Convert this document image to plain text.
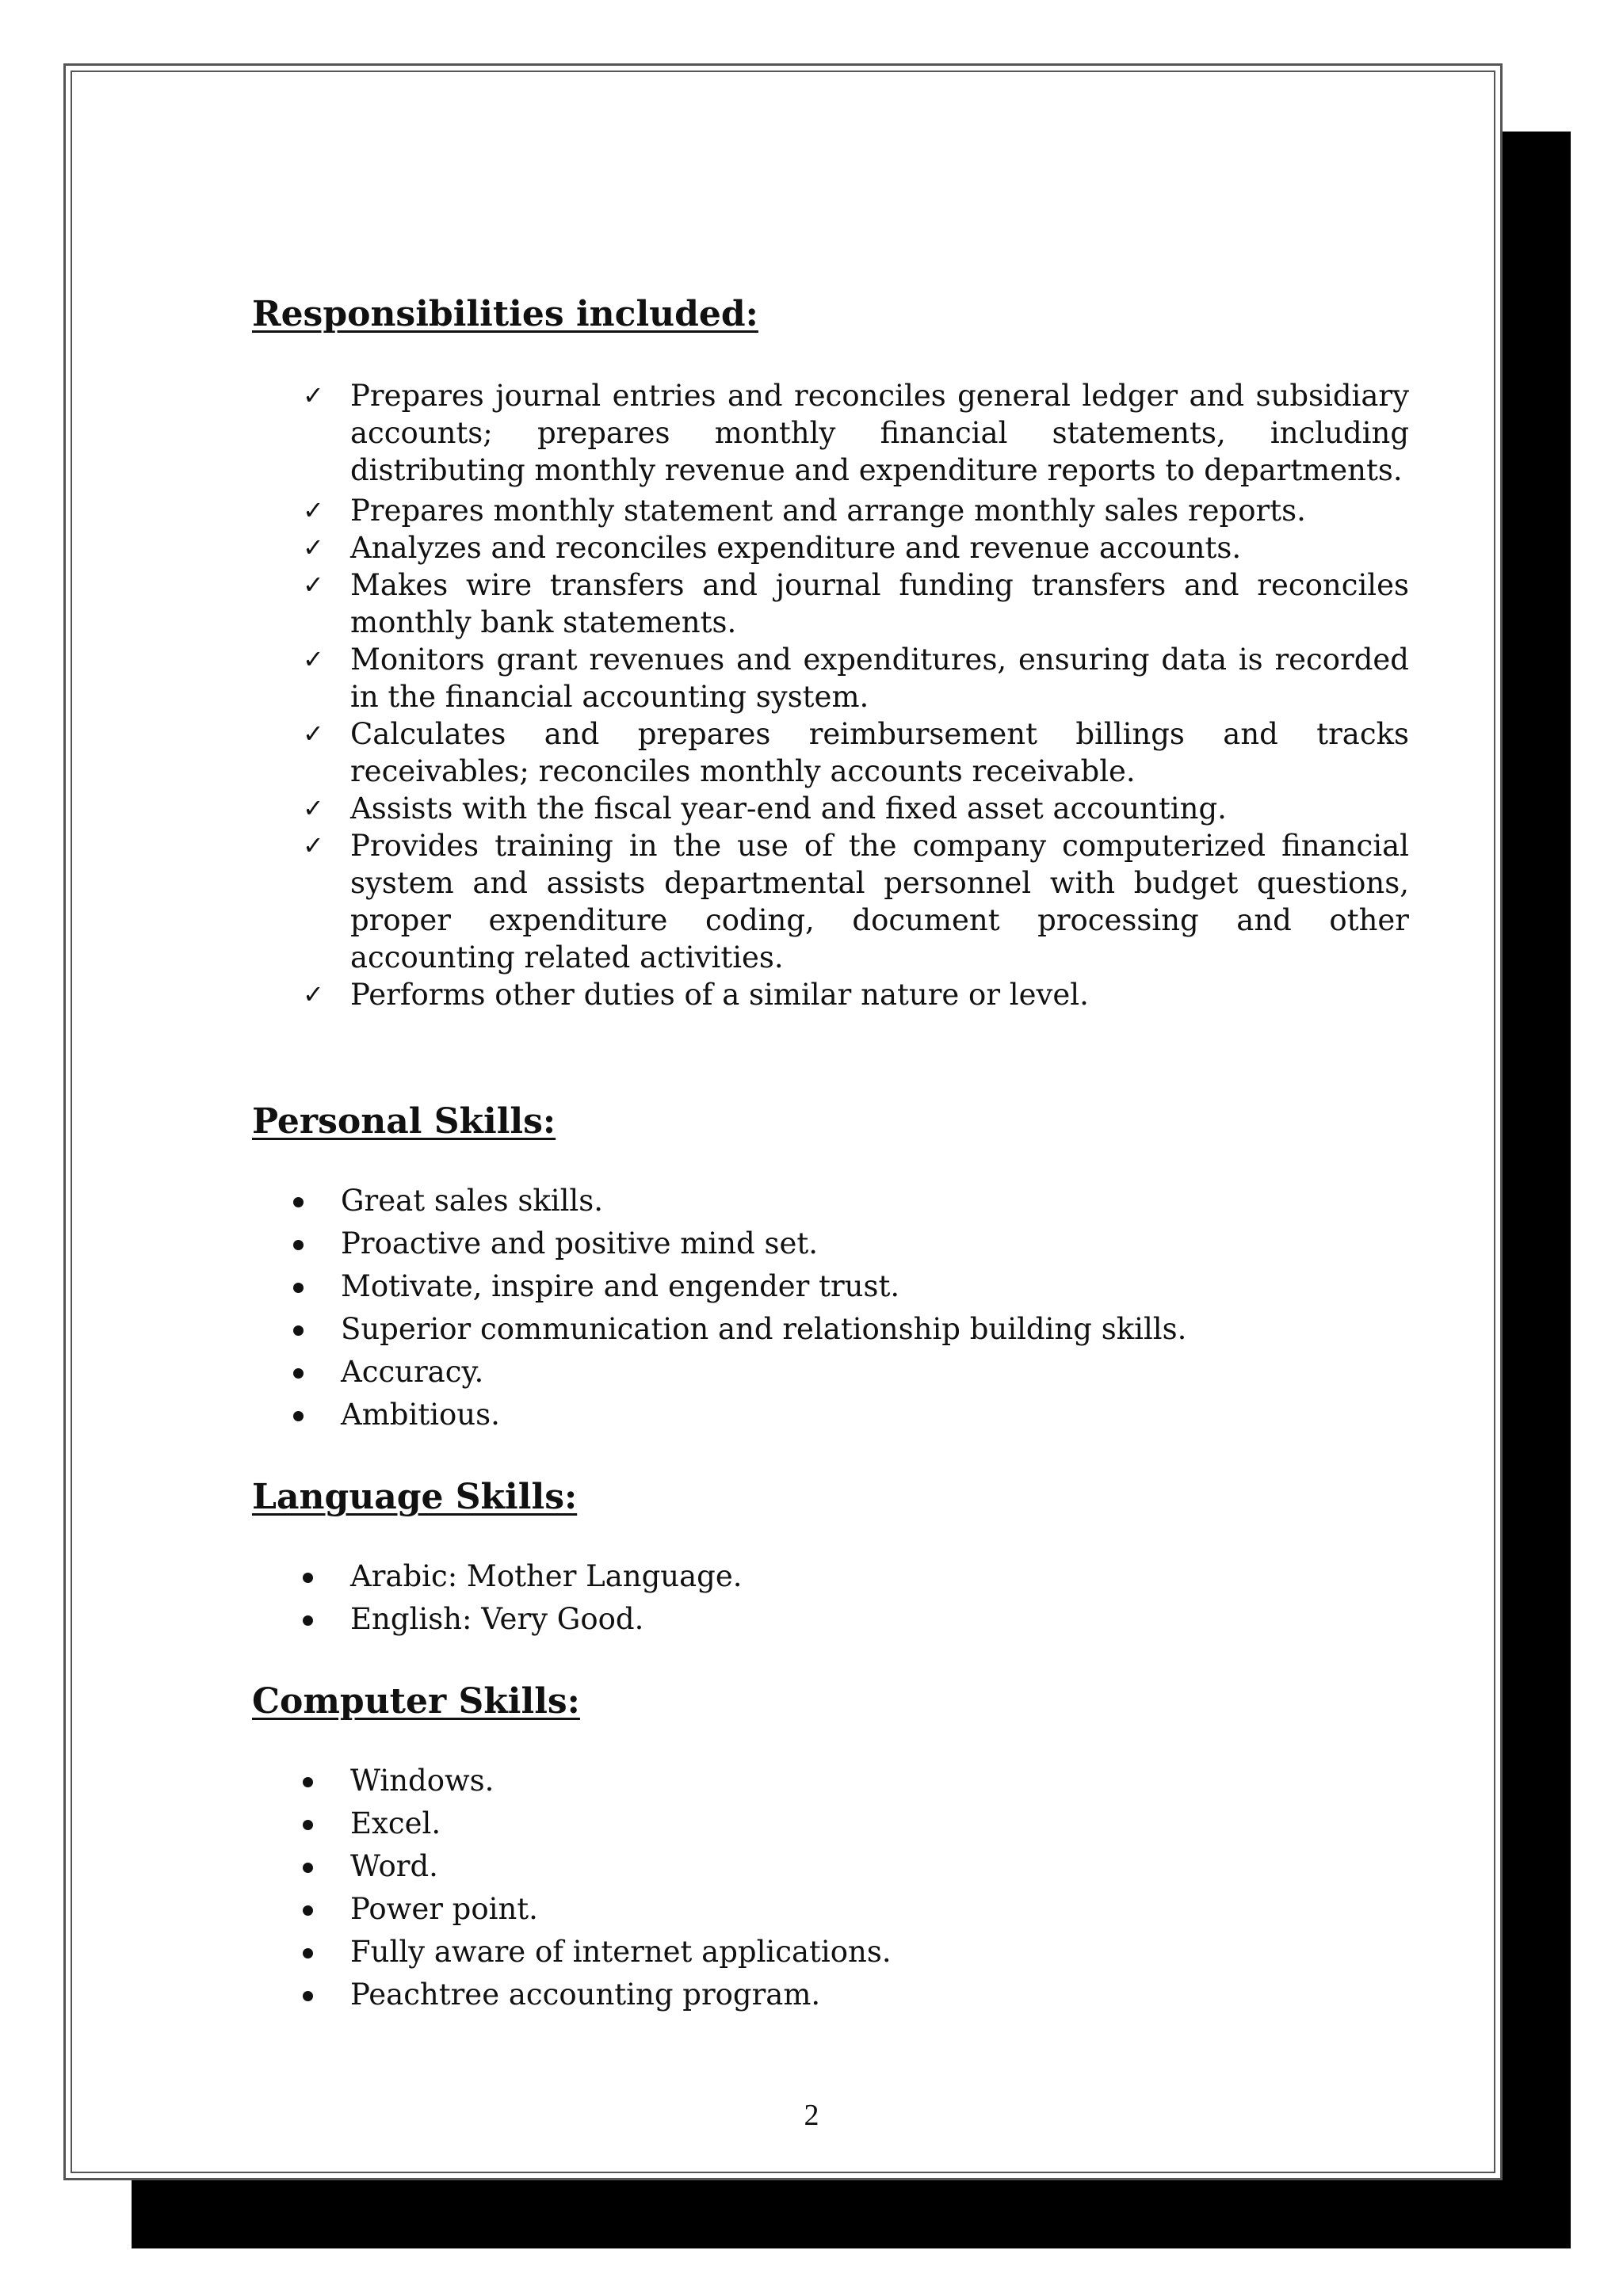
Responsibilities included:
✓ Prepares journal entries and reconciles general ledger and subsidiary accounts; prepares monthly financial statements, including distributing monthly revenue and expenditure reports to departments.
✓ Prepares monthly statement and arrange monthly sales reports.
✓ Analyzes and reconciles expenditure and revenue accounts.
✓ Makes wire transfers and journal funding transfers and reconciles monthly bank statements.
✓ Monitors grant revenues and expenditures, ensuring data is recorded in the financial accounting system.
✓ Calculates and prepares reimbursement billings and tracks receivables; reconciles monthly accounts receivable.
✓ Assists with the fiscal year-end and fixed asset accounting.
✓ Provides training in the use of the company computerized financial system and assists departmental personnel with budget questions, proper expenditure coding, document processing and other accounting related activities.
✓ Performs other duties of a similar nature or level.
Personal Skills:
Great sales skills.
Proactive and positive mind set.
Motivate, inspire and engender trust.
Superior communication and relationship building skills.
Accuracy.
Ambitious.
Language Skills:
Arabic: Mother Language.
English: Very Good.
Computer Skills:
Windows.
Excel.
Word.
Power point.
Fully aware of internet applications.
Peachtree accounting program.
2
